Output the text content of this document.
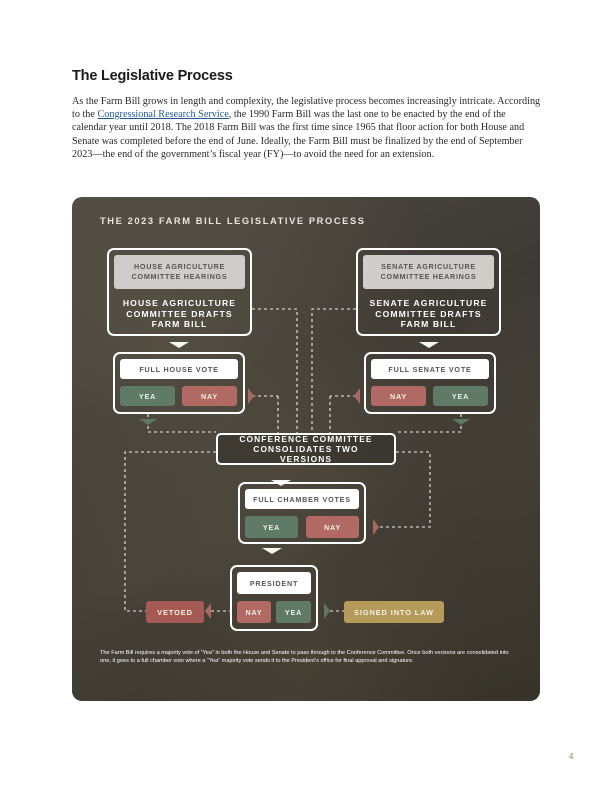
The Legislative Process
As the Farm Bill grows in length and complexity, the legislative process becomes increasingly intricate. According to the Congressional Research Service, the 1990 Farm Bill was the last one to be enacted by the end of the calendar year until 2018. The 2018 Farm Bill was the first time since 1965 that floor action for both House and Senate was completed before the end of June. Ideally, the Farm Bill must be finalized by the end of September 2023—the end of the government’s fiscal year (FY)—to avoid the need for an extension.
THE 2023 FARM BILL LEGISLATIVE PROCESS
HOUSE AGRICULTURE COMMITTEE HEARINGS
HOUSE AGRICULTURE COMMITTEE DRAFTS FARM BILL
SENATE AGRICULTURE COMMITTEE HEARINGS
SENATE AGRICULTURE COMMITTEE DRAFTS FARM BILL
FULL HOUSE VOTE
YEA	NAY
FULL SENATE VOTE
NAY	YEA
CONFERENCE COMMITTEE CONSOLIDATES TWO VERSIONS
FULL CHAMBER VOTES
YEA	NAY
PRESIDENT
NAY	YEA
VETOED	SIGNED INTO LAW
The Farm Bill requires a majority vote of “Yea” in both the House and Senate to pass through to the Conference Committee. Once both versions are consolidated into one, it goes to a full chamber vote where a “Yea” majority vote sends it to the President’s office for final approval and signature.
4
